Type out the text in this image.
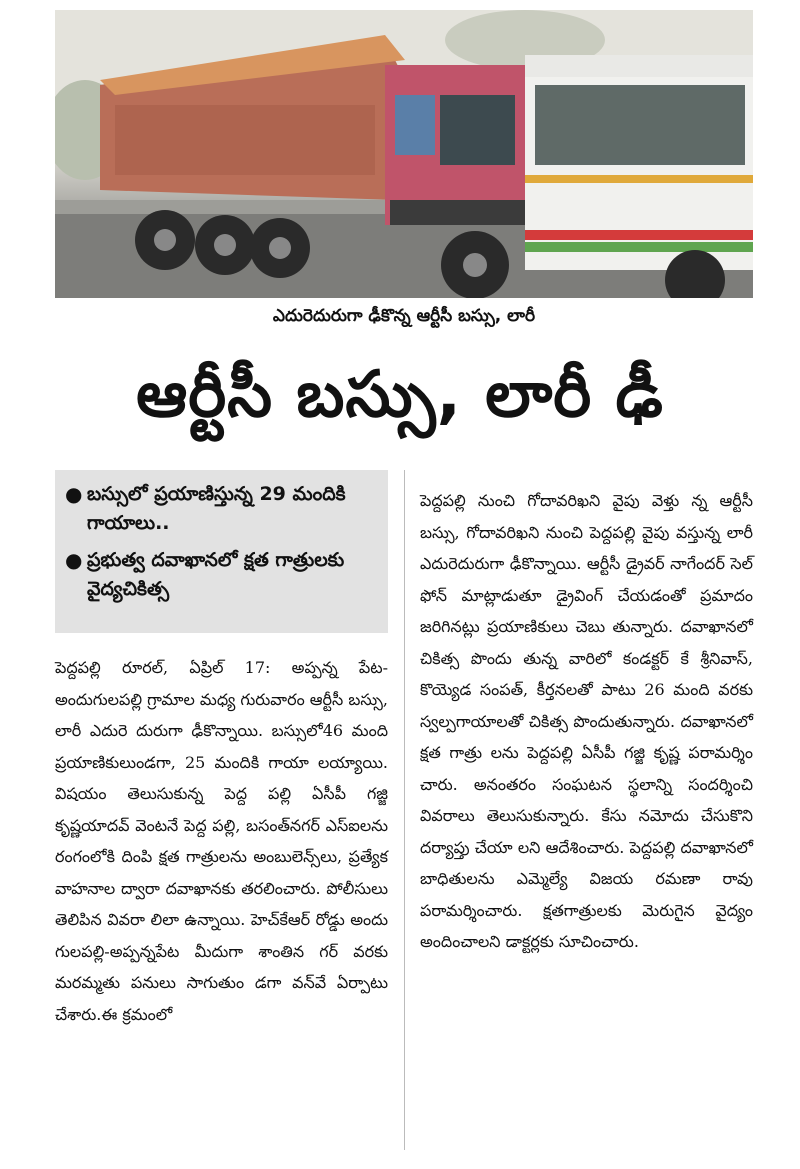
ఎదురెదురుగా ఢీకొన్న ఆర్టీసీ బస్సు, లారీ
ఆర్టీసీ బస్సు, లారీ ఢీ
● బస్సులో ప్రయాణిస్తున్న 29 మందికి గాయాలు..
● ప్రభుత్వ దవాఖానలో క్షత గాత్రులకు వైద్యచికిత్స
పెద్దపల్లి రూరల్, ఏప్రిల్ 17: అప్పన్న పేట-అందుగులపల్లి గ్రామాల మధ్య గురువారం ఆర్టీసీ బస్సు, లారీ ఎదురె దురుగా ఢీకొన్నాయి. బస్సులో46 మంది ప్రయాణికులుండగా, 25 మందికి గాయా లయ్యాయి. విషయం తెలుసుకున్న పెద్ద పల్లి ఏసీపీ గజ్జి కృష్ణయాదవ్ వెంటనే పెద్ద పల్లి, బసంత్‌నగర్ ఎస్ఐలను రంగంలోకి దింపి క్షత గాత్రులను అంబులెన్స్‌లు, ప్రత్యేక వాహనాల ద్వారా దవాఖానకు తరలించారు. పోలీసులు తెలిపిన వివరా లిలా ఉన్నాయి. హెచ్‌కేఆర్ రోడ్డు అందు గులపల్లి-అప్పన్నపేట మీదుగా శాంతిన గర్ వరకు మరమ్మతు పనులు సాగుతుం డగా వన్‌వే ఏర్పాటు చేశారు.ఈ క్రమంలో
పెద్దపల్లి నుంచి గోదావరిఖని వైపు వెళ్తు న్న ఆర్టీసీ బస్సు, గోదావరిఖని నుంచి పెద్దపల్లి వైపు వస్తున్న లారీ ఎదురెదురుగా ఢీకొన్నాయి. ఆర్టీసీ డ్రైవర్ నాగేందర్ సెల్ ఫోన్ మాట్లాడుతూ డ్రైవింగ్ చేయడంతో ప్రమాదం జరిగినట్లు ప్రయాణికులు చెబు తున్నారు. దవాఖానలో చికిత్స పొందు తున్న వారిలో కండక్టర్ కే శ్రీనివాస్, కొయ్యెడ సంపత్, కీర్తనలతో పాటు 26 మంది వరకు స్వల్పగాయాలతో చికిత్స పొందుతున్నారు. దవాఖానలో క్షత గాత్రు లను పెద్దపల్లి ఏసీపీ గజ్జి కృష్ణ పరామర్శిం చారు. అనంతరం సంఘటన స్థలాన్ని సందర్శించి వివరాలు తెలుసుకున్నారు. కేసు నమోదు చేసుకొని దర్యాప్తు చేయా లని ఆదేశించారు. పెద్దపల్లి దవాఖానలో బాధితులను ఎమ్మెల్యే విజయ రమణా రావు పరామర్శించారు. క్షతగాత్రులకు మెరుగైన వైద్యం అందించాలని డాక్టర్లకు సూచించారు.
